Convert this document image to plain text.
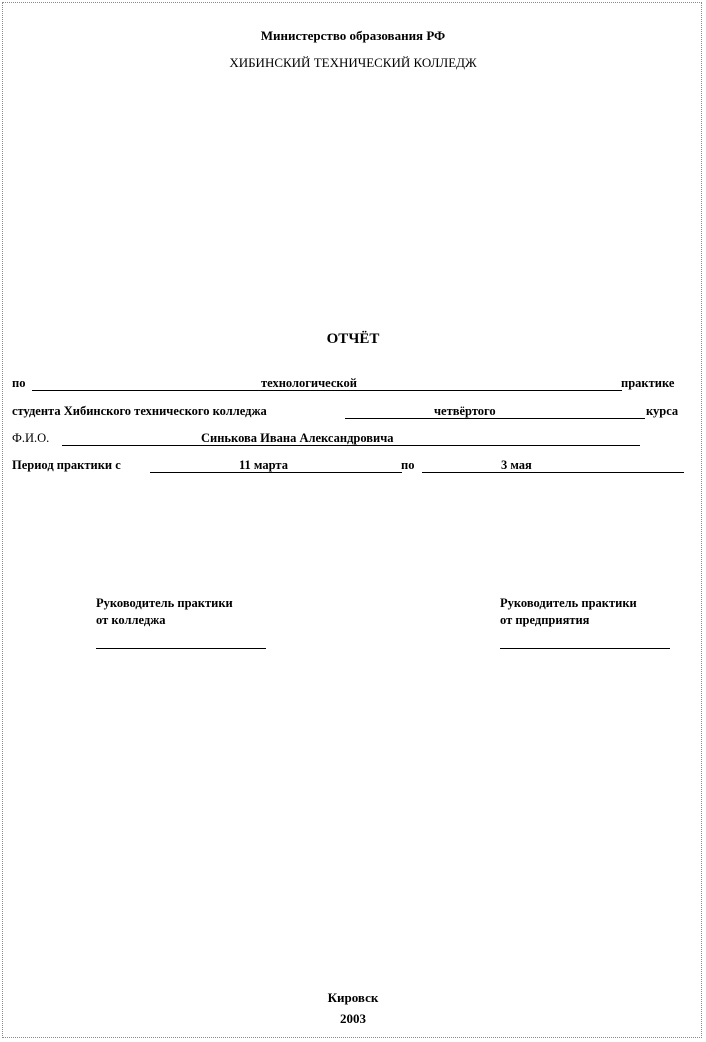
Министерство образования РФ
ХИБИНСКИЙ ТЕХНИЧЕСКИЙ КОЛЛЕДЖ
ОТЧЁТ
по	технологической	практике
студента Хибинского технического колледжа	четвёртого	курса
Ф.И.О.	Синькова Ивана Александровича
Период практики с	11 марта	по	3 мая
Руководитель практики
от колледжа
Руководитель практики
от предприятия
Кировск
2003
